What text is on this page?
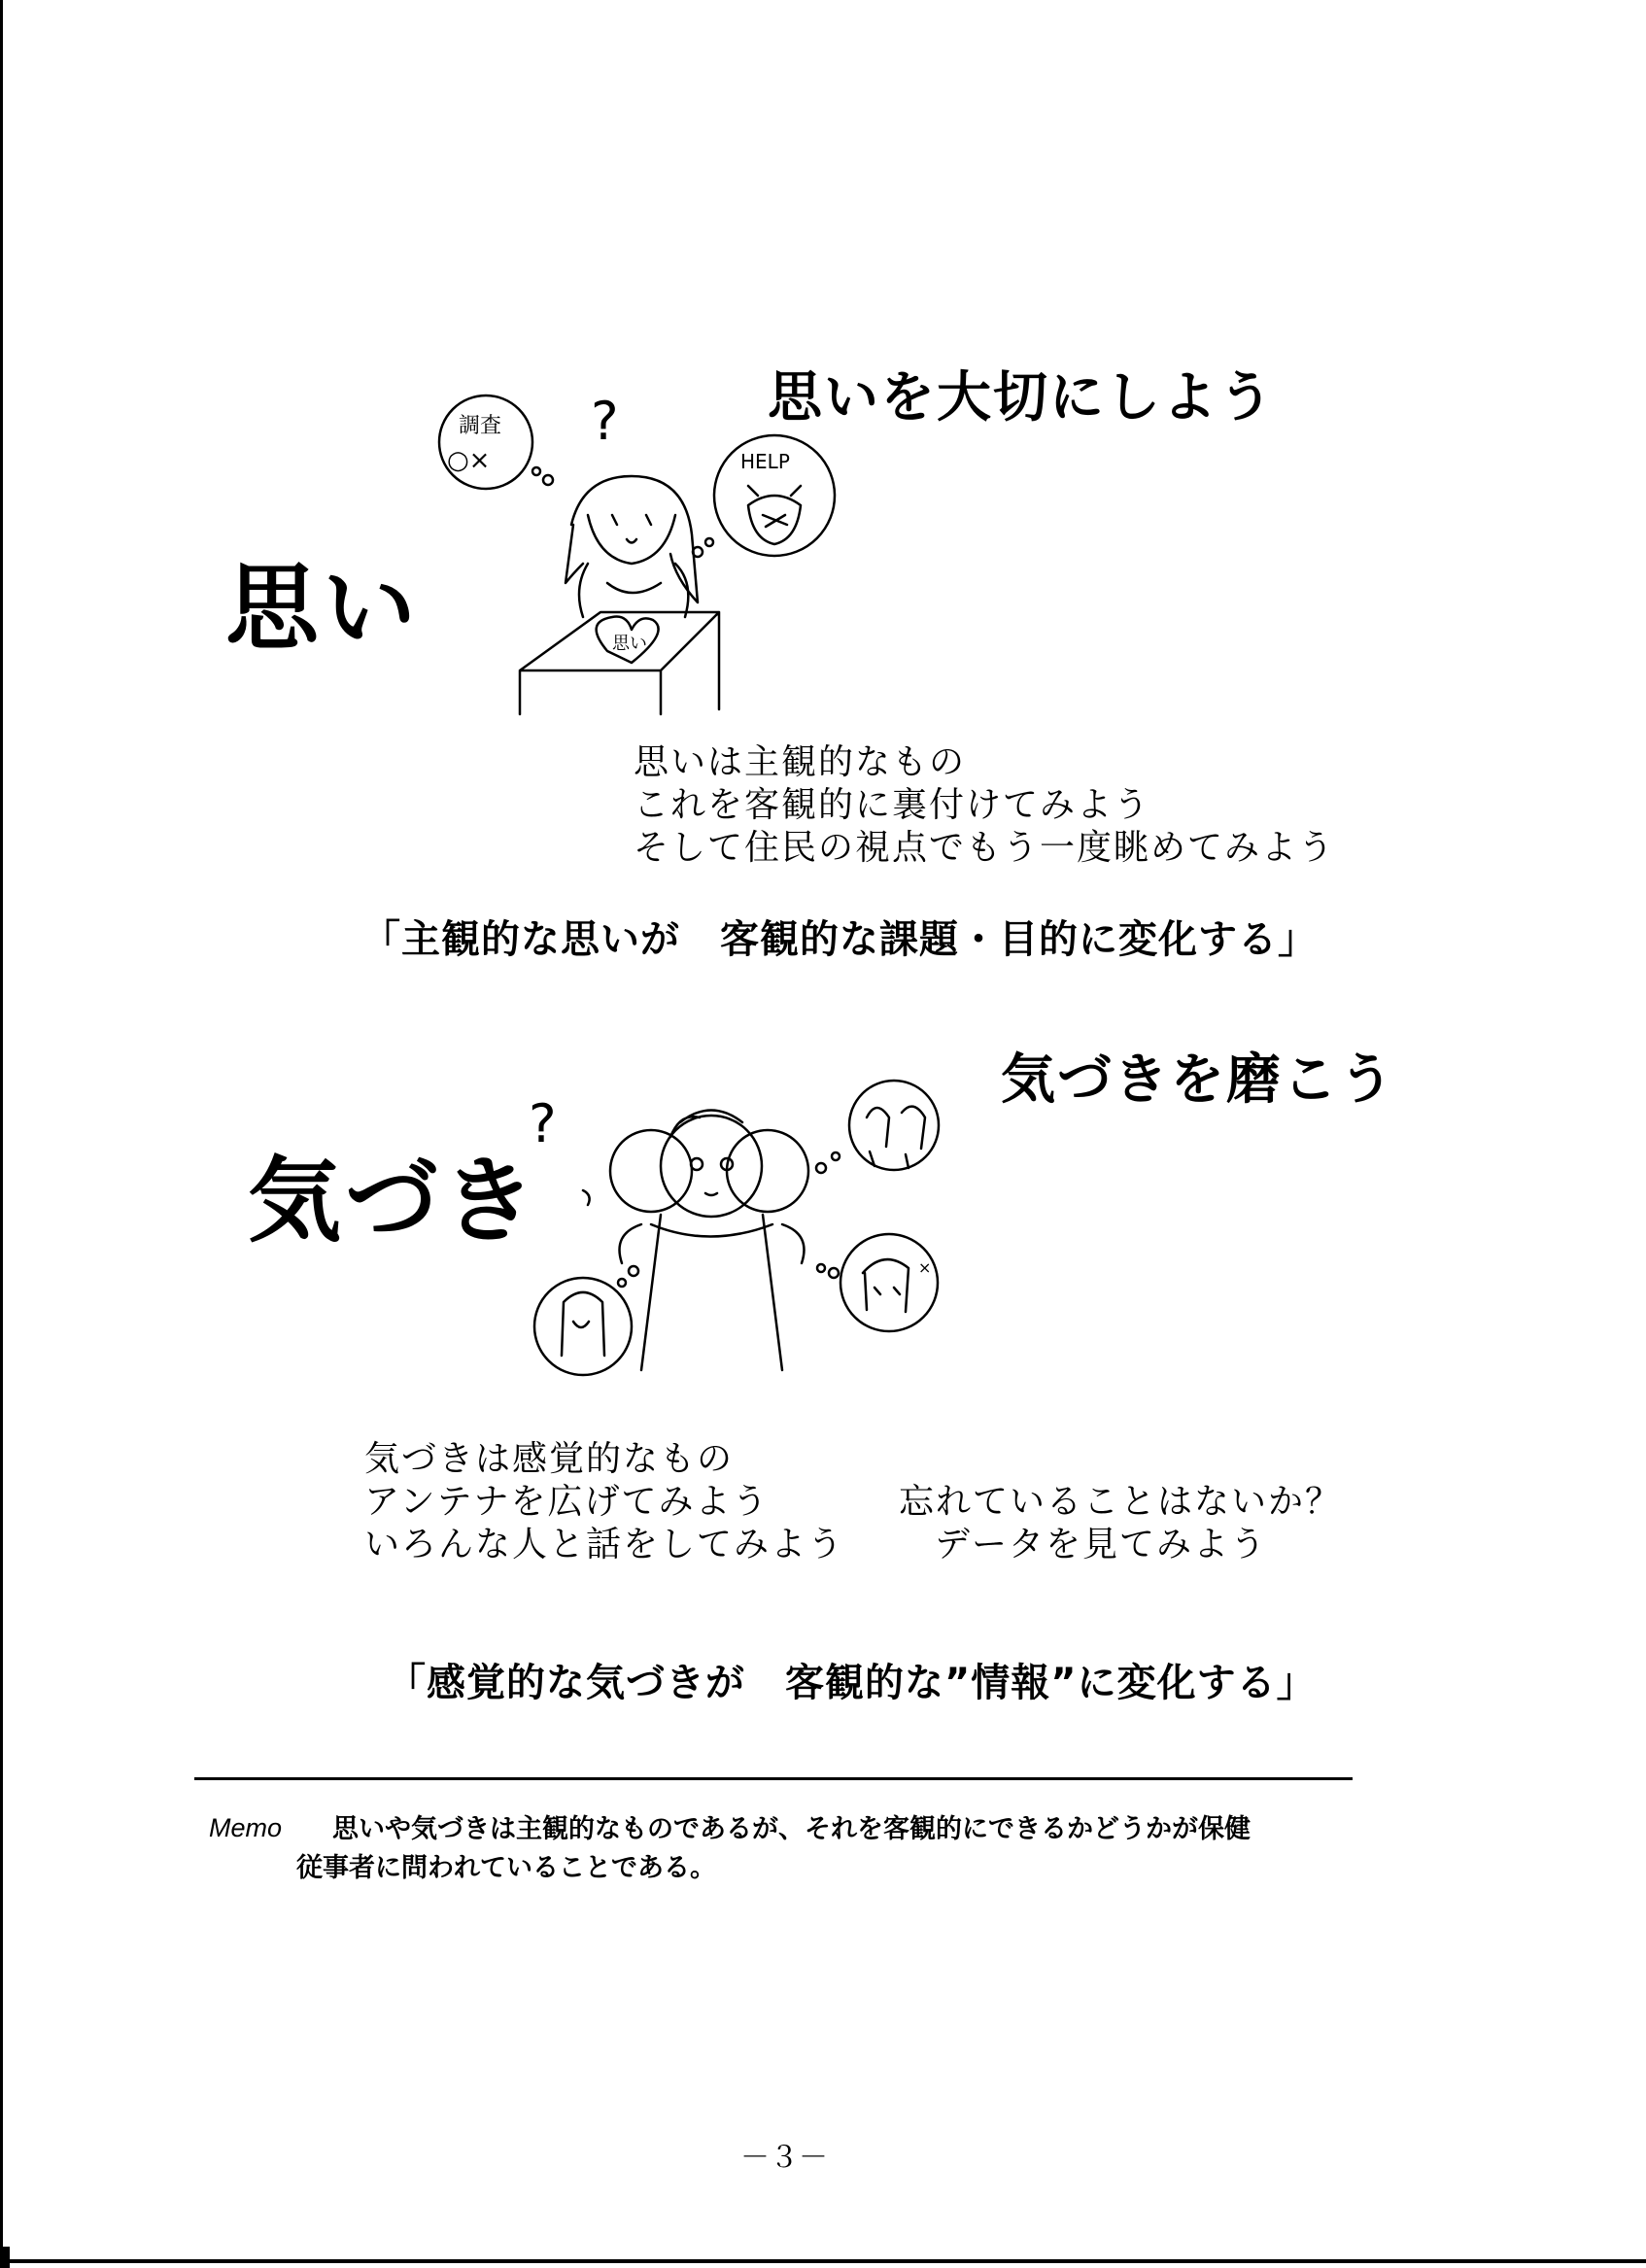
思いを大切にしよう
思い
調査
○×
?
HELP
思い
思いは主観的なもの
これを客観的に裏付けてみよう
そして住民の視点でもう一度眺めてみよう
「主観的な思いが　客観的な課題・目的に変化する」
気づきを磨こう
気づき
?
×
気づきは感覚的なもの
アンテナを広げてみよう
いろんな人と話をしてみよう
忘れていることはないか？
データを見てみよう
「感覚的な気づきが　客観的な”情報”に変化する」
Memo 思いや気づきは主観的なものであるが、それを客観的にできるかどうかが保健
従事者に問われていることである。
－３－
